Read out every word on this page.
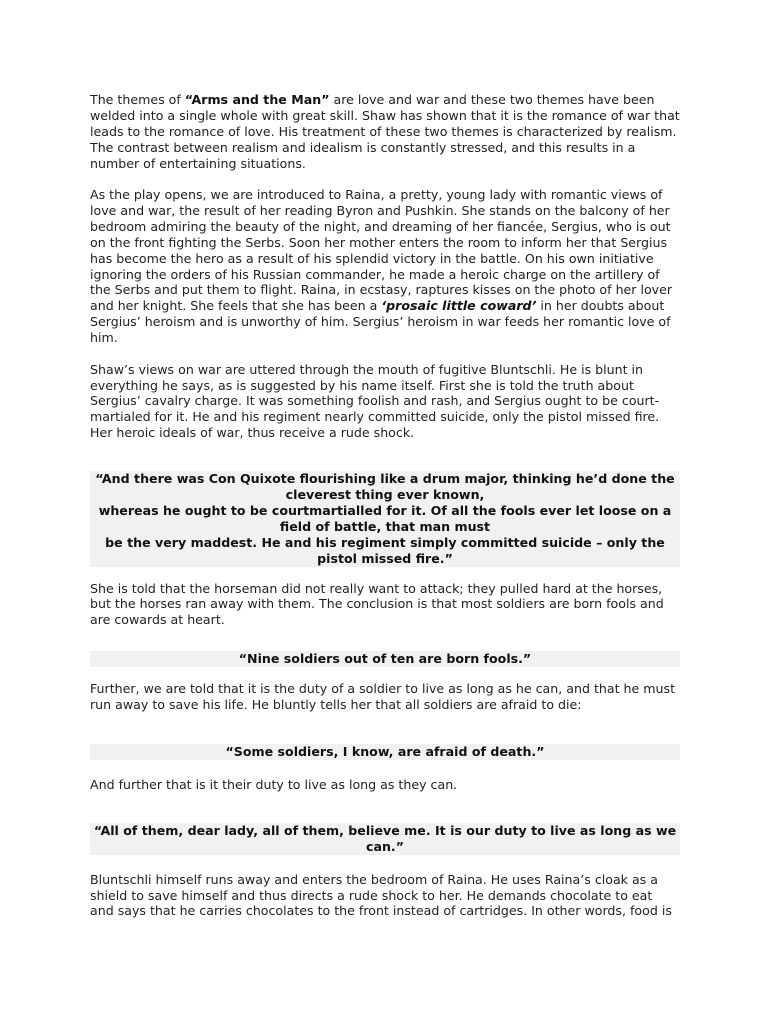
The themes of “Arms and the Man” are love and war and these two themes have been welded into a single whole with great skill. Shaw has shown that it is the romance of war that leads to the romance of love. His treatment of these two themes is characterized by realism. The contrast between realism and idealism is constantly stressed, and this results in a number of entertaining situations.

As the play opens, we are introduced to Raina, a pretty, young lady with romantic views of love and war, the result of her reading Byron and Pushkin. She stands on the balcony of her bedroom admiring the beauty of the night, and dreaming of her fiancée, Sergius, who is out on the front fighting the Serbs. Soon her mother enters the room to inform her that Sergius has become the hero as a result of his splendid victory in the battle. On his own initiative ignoring the orders of his Russian commander, he made a heroic charge on the artillery of the Serbs and put them to flight. Raina, in ecstasy, raptures kisses on the photo of her lover and her knight. She feels that she has been a ‘prosaic little coward’ in her doubts about Sergius’ heroism and is unworthy of him. Sergius’ heroism in war feeds her romantic love of him.

Shaw’s views on war are uttered through the mouth of fugitive Bluntschli. He is blunt in everything he says, as is suggested by his name itself. First she is told the truth about Sergius’ cavalry charge. It was something foolish and rash, and Sergius ought to be court-martialed for it. He and his regiment nearly committed suicide, only the pistol missed fire. Her heroic ideals of war, thus receive a rude shock.

“And there was Con Quixote flourishing like a drum major, thinking he’d done the cleverest thing ever known,
whereas he ought to be courtmartialled for it. Of all the fools ever let loose on a field of battle, that man must
be the very maddest. He and his regiment simply committed suicide – only the pistol missed fire.”

She is told that the horseman did not really want to attack; they pulled hard at the horses, but the horses ran away with them. The conclusion is that most soldiers are born fools and are cowards at heart.

“Nine soldiers out of ten are born fools.”

Further, we are told that it is the duty of a soldier to live as long as he can, and that he must run away to save his life. He bluntly tells her that all soldiers are afraid to die:

“Some soldiers, I know, are afraid of death.”

And further that is it their duty to live as long as they can.

“All of them, dear lady, all of them, believe me. It is our duty to live as long as we can.”

Bluntschli himself runs away and enters the bedroom of Raina. He uses Raina’s cloak as a shield to save himself and thus directs a rude shock to her. He demands chocolate to eat and says that he carries chocolates to the front instead of cartridges. In other words, food is
